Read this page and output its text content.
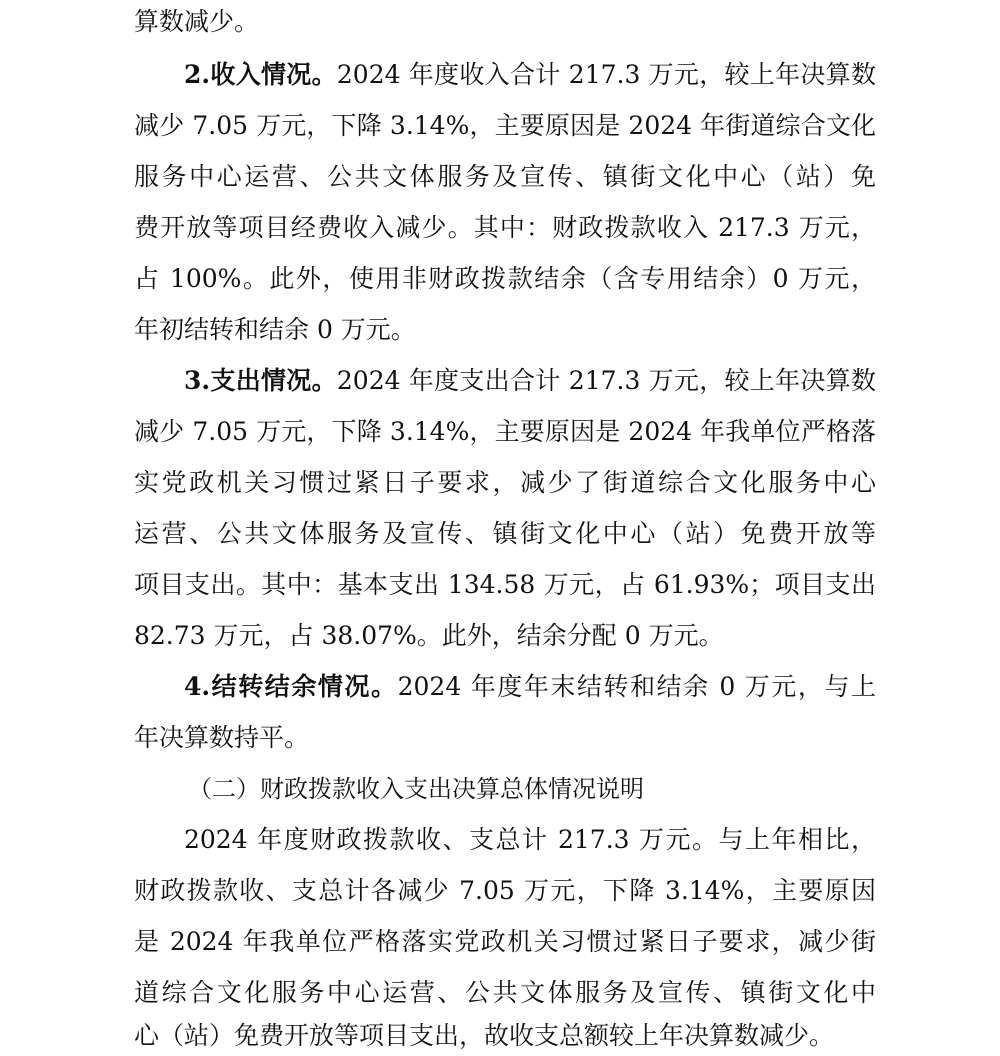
算数减少。
2.收入情况。2024 年度收入合计 217.3 万元，较上年决算数
减少 7.05 万元，下降 3.14%，主要原因是 2024 年街道综合文化
服务中心运营、公共文体服务及宣传、镇街文化中心（站）免
费开放等项目经费收入减少。其中：财政拨款收入 217.3 万元，
占 100%。此外，使用非财政拨款结余（含专用结余）0 万元，
年初结转和结余 0 万元。
3.支出情况。2024 年度支出合计 217.3 万元，较上年决算数
减少 7.05 万元，下降 3.14%，主要原因是 2024 年我单位严格落
实党政机关习惯过紧日子要求，减少了街道综合文化服务中心
运营、公共文体服务及宣传、镇街文化中心（站）免费开放等
项目支出。其中：基本支出 134.58 万元，占 61.93%；项目支出
82.73 万元，占 38.07%。此外，结余分配 0 万元。
4.结转结余情况。2024 年度年末结转和结余 0 万元，与上
年决算数持平。
（二）财政拨款收入支出决算总体情况说明
2024 年度财政拨款收、支总计 217.3 万元。与上年相比，
财政拨款收、支总计各减少 7.05 万元，下降 3.14%，主要原因
是 2024 年我单位严格落实党政机关习惯过紧日子要求，减少街
道综合文化服务中心运营、公共文体服务及宣传、镇街文化中
心（站）免费开放等项目支出，故收支总额较上年决算数减少。
